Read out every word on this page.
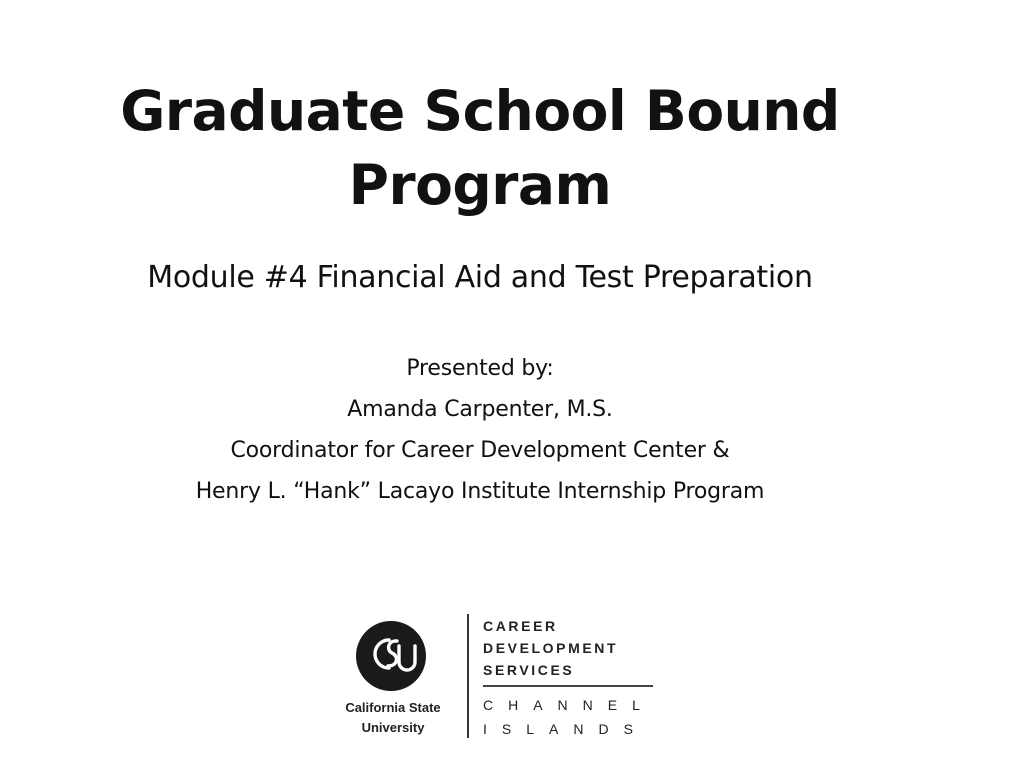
Graduate School Bound
Program

Module #4 Financial Aid and Test Preparation

Presented by:
Amanda Carpenter, M.S.
Coordinator for Career Development Center &
Henry L. “Hank” Lacayo Institute Internship Program
California State
University
CAREER
DEVELOPMENT
SERVICES
CHANNEL
ISLANDS
